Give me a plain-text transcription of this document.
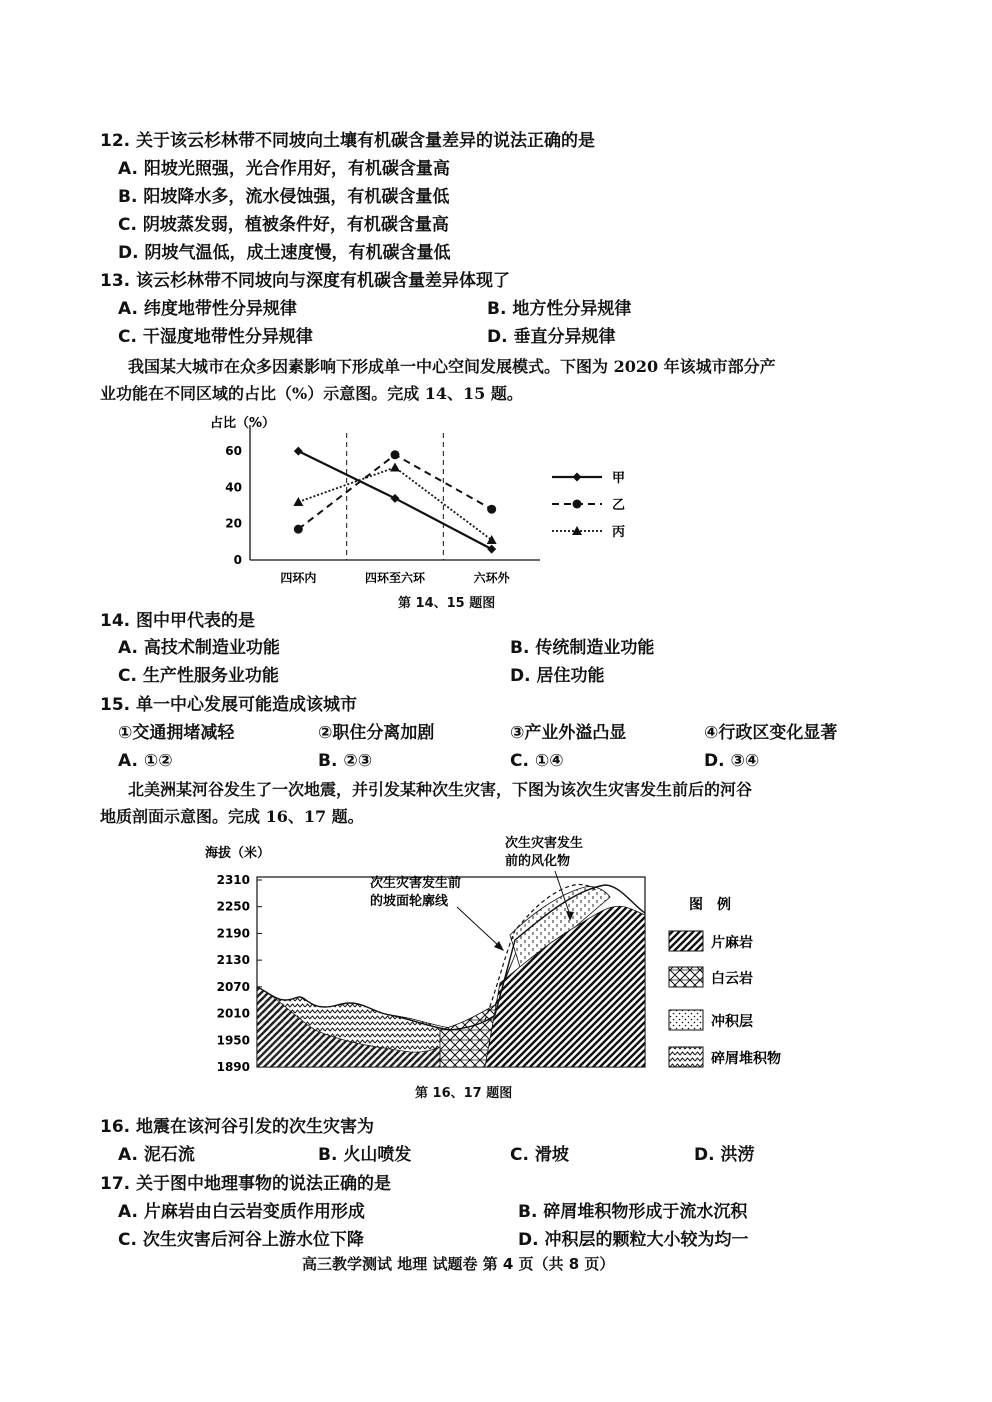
12. 关于该云杉林带不同坡向土壤有机碳含量差异的说法正确的是
A. 阳坡光照强，光合作用好，有机碳含量高
B. 阳坡降水多，流水侵蚀强，有机碳含量低
C. 阴坡蒸发弱，植被条件好，有机碳含量高
D. 阴坡气温低，成土速度慢，有机碳含量低
13. 该云杉林带不同坡向与深度有机碳含量差异体现了
A. 纬度地带性分异规律	B. 地方性分异规律
C. 干湿度地带性分异规律	D. 垂直分异规律
我国某大城市在众多因素影响下形成单一中心空间发展模式。下图为 2020 年该城市部分产
业功能在不同区域的占比（%）示意图。完成 14、15 题。
占比（%）
0
20
40
60
四环内	四环至六环	六环外
甲
乙
丙
第 14、15 题图
14. 图中甲代表的是
A. 高技术制造业功能	B. 传统制造业功能
C. 生产性服务业功能	D. 居住功能
15. 单一中心发展可能造成该城市
①交通拥堵减轻	②职住分离加剧	③产业外溢凸显	④行政区变化显著
A. ①②	B. ②③	C. ①④	D. ③④
北美洲某河谷发生了一次地震，并引发某种次生灾害，下图为该次生灾害发生前后的河谷
地质剖面示意图。完成 16、17 题。
海拔（米）
2310
2250
2190
2130
2070
2010
1950
1890
次生灾害发生
前的风化物
次生灾害发生前
的坡面轮廓线	图　例
片麻岩
白云岩
冲积层
碎屑堆积物
第 16、17 题图
16. 地震在该河谷引发的次生灾害为
A. 泥石流	B. 火山喷发	C. 滑坡	D. 洪涝
17. 关于图中地理事物的说法正确的是
A. 片麻岩由白云岩变质作用形成	B. 碎屑堆积物形成于流水沉积
C. 次生灾害后河谷上游水位下降	D. 冲积层的颗粒大小较为均一
高三教学测试 地理 试题卷 第 4 页（共 8 页）
